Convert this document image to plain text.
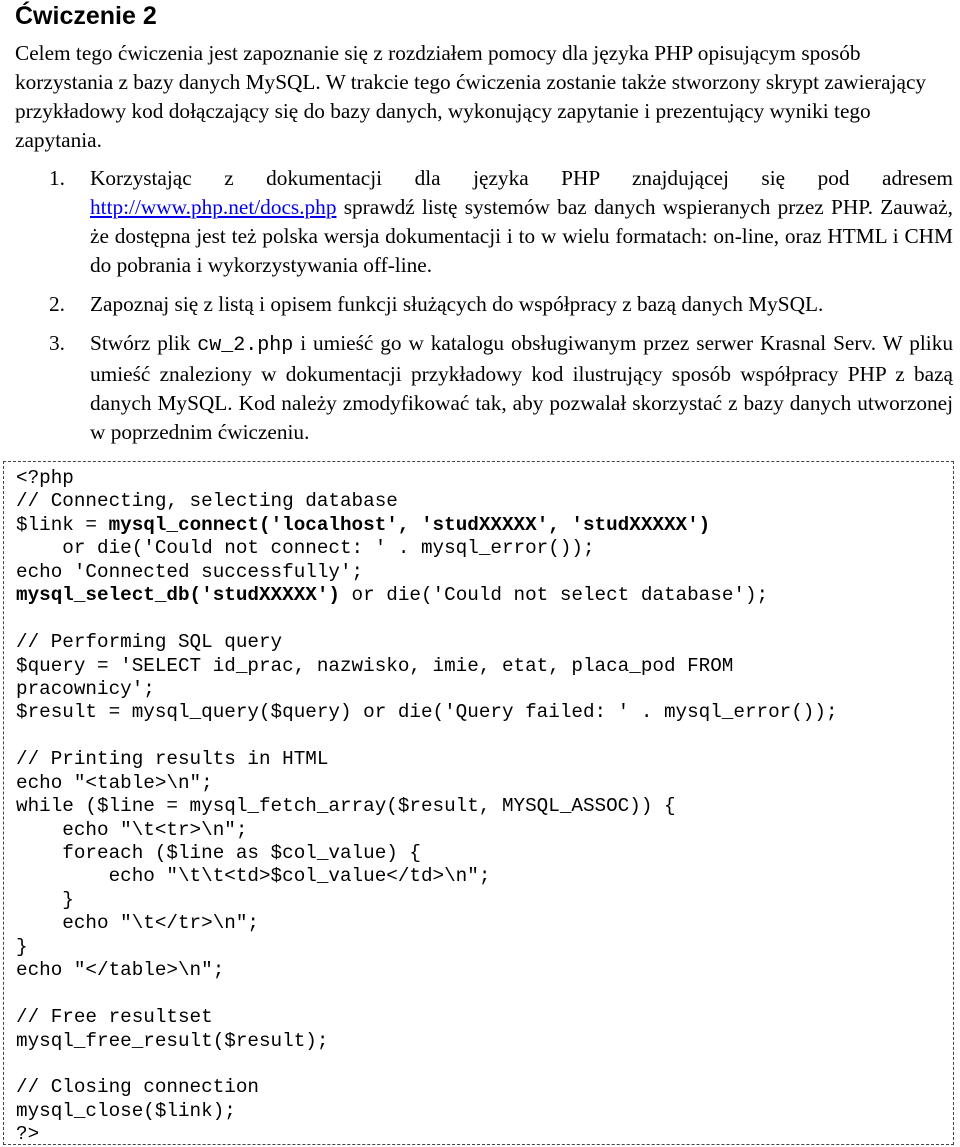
Ćwiczenie 2

Celem tego ćwiczenia jest zapoznanie się z rozdziałem pomocy dla języka PHP opisującym sposób korzystania z bazy danych MySQL. W trakcie tego ćwiczenia zostanie także stworzony skrypt zawierający przykładowy kod dołączający się do bazy danych, wykonujący zapytanie i prezentujący wyniki tego zapytania.

1. Korzystając z dokumentacji dla języka PHP znajdującej się pod adresem http://www.php.net/docs.php sprawdź listę systemów baz danych wspieranych przez PHP. Zauważ, że dostępna jest też polska wersja dokumentacji i to w wielu formatach: on-line, oraz HTML i CHM do pobrania i wykorzystywania off-line.
2. Zapoznaj się z listą i opisem funkcji służących do współpracy z bazą danych MySQL.
3. Stwórz plik cw_2.php i umieść go w katalogu obsługiwanym przez serwer Krasnal Serv. W pliku umieść znaleziony w dokumentacji przykładowy kod ilustrujący sposób współpracy PHP z bazą danych MySQL. Kod należy zmodyfikować tak, aby pozwalał skorzystać z bazy danych utworzonej w poprzednim ćwiczeniu.
<?php
// Connecting, selecting database
$link = mysql_connect('localhost', 'studXXXXX', 'studXXXXX')
or die('Could not connect: ' . mysql_error());
echo 'Connected successfully';
mysql_select_db('studXXXXX') or die('Could not select database');
// Performing SQL query
$query = 'SELECT id_prac, nazwisko, imie, etat, placa_pod FROM
pracownicy';
$result = mysql_query($query) or die('Query failed: ' . mysql_error());
// Printing results in HTML
echo "<table>\n";
while ($line = mysql_fetch_array($result, MYSQL_ASSOC)) {
echo "\t<tr>\n";
foreach ($line as $col_value) {
echo "\t\t<td>$col_value</td>\n";
}
echo "\t</tr>\n";
}
echo "</table>\n";
// Free resultset
mysql_free_result($result);
// Closing connection
mysql_close($link);
?>
